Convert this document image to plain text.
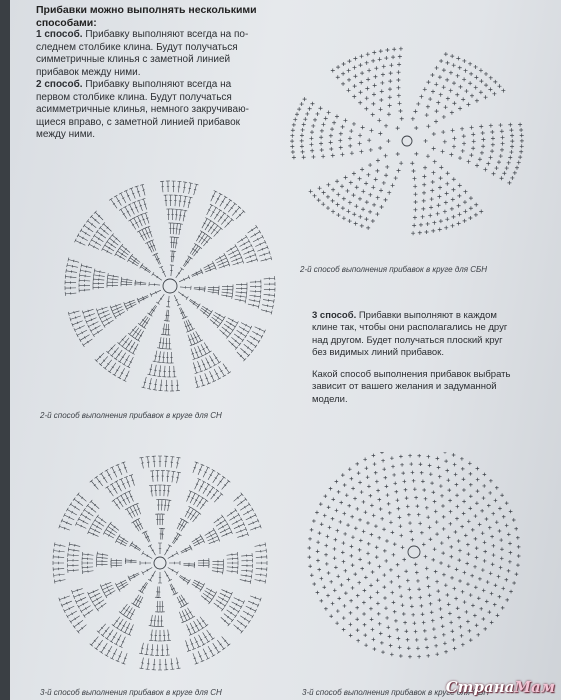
Прибавки можно выполнять несколькими
способами:
1 способ. Прибавку выполняют всегда на по-
следнем столбике клина. Будут получаться
симметричные клинья с заметной линией
прибавок между ними.
2 способ. Прибавку выполняют всегда на
первом столбике клина. Будут получаться
асимметричные клинья, немного закручиваю-
щиеся вправо, с заметной линией прибавок
между ними.
2-й способ выполнения прибавок в круге для СБН
2-й способ выполнения прибавок в круге для СН

3 способ. Прибавки выполняют в каждом
клине так, чтобы они располагались не друг
над другом. Будет получаться плоский круг
без видимых линий прибавок.

Какой способ выполнения прибавок выбрать
зависит от вашего желания и задуманной
модели.

3-й способ выполнения прибавок в круге для СН	3-й способ выполнения прибавок в круге для СБН
СтранаМам
